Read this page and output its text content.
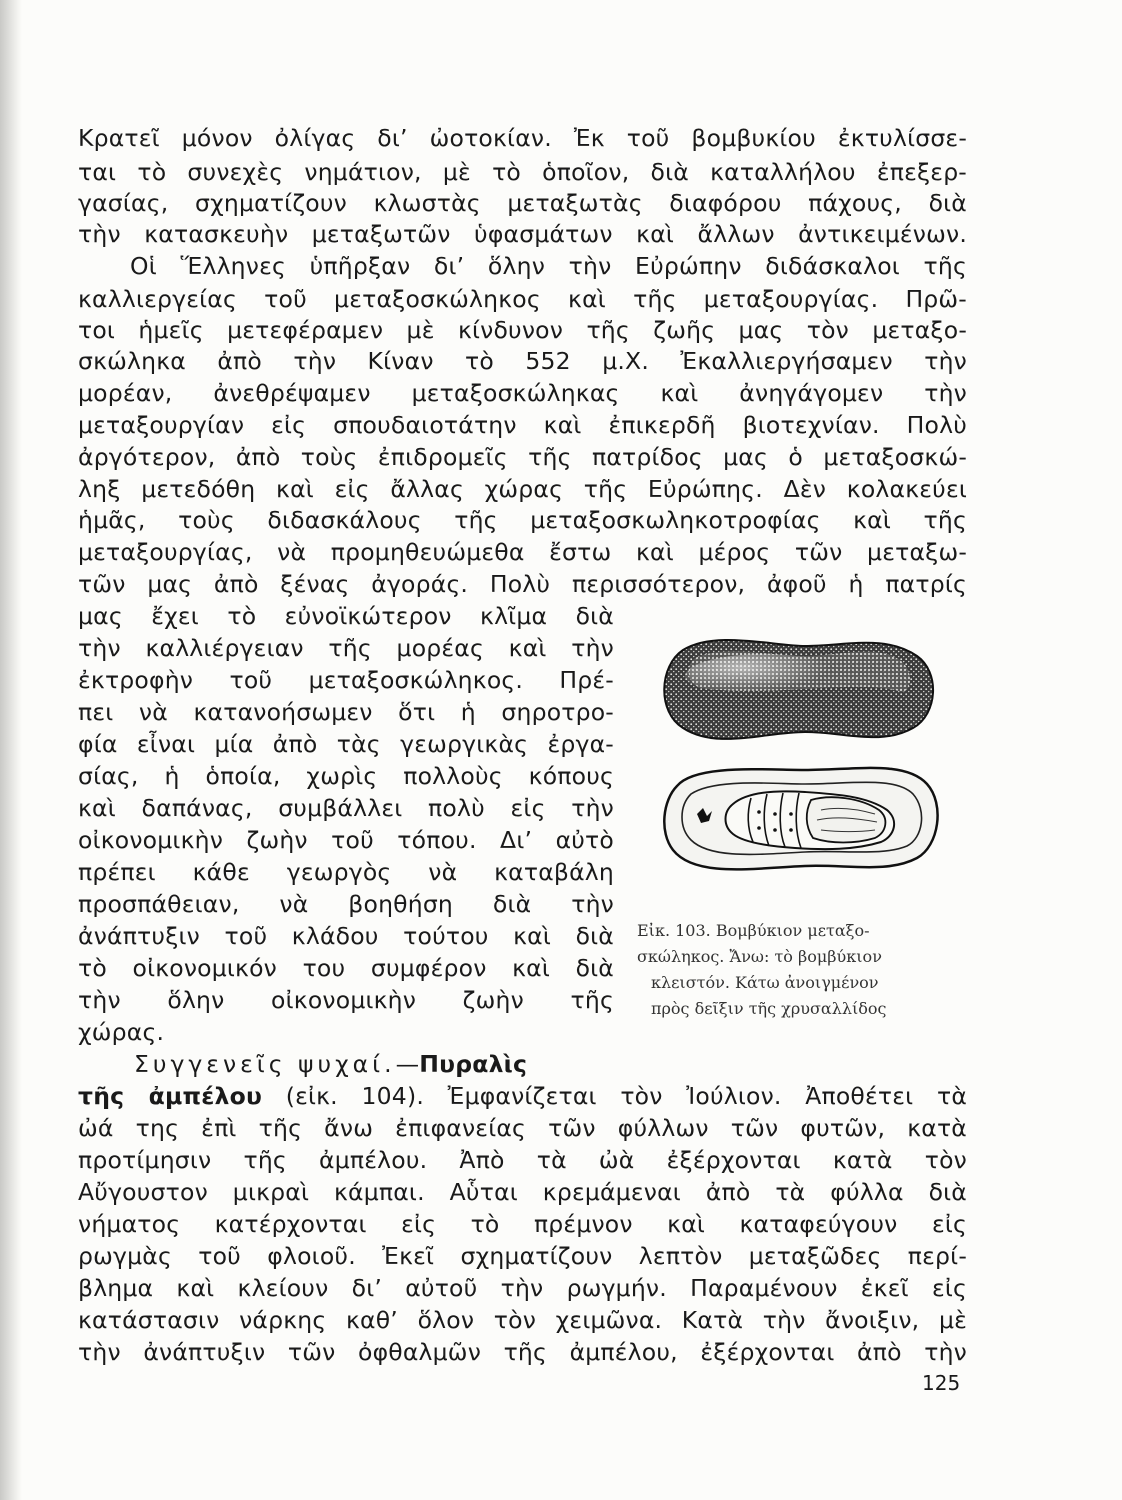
Κρατεῖ μόνον ὀλίγας δι’ ὠοτοκίαν. Ἐκ τοῦ βομβυκίου ἐκτυλίσσε-
ται τὸ συνεχὲς νημάτιον, μὲ τὸ ὁποῖον, διὰ καταλλήλου ἐπεξερ-
γασίας, σχηματίζουν κλωστὰς μεταξωτὰς διαφόρου πάχους, διὰ
τὴν κατασκευὴν μεταξωτῶν ὑφασμάτων καὶ ἄλλων ἀντικειμένων.
Οἱ Ἕλληνες ὑπῆρξαν δι’ ὅλην τὴν Εὐρώπην διδάσκαλοι τῆς
καλλιεργείας τοῦ μεταξοσκώληκος καὶ τῆς μεταξουργίας. Πρῶ-
τοι ἡμεῖς μετεφέραμεν μὲ κίνδυνον τῆς ζωῆς μας τὸν μεταξο-
σκώληκα ἀπὸ τὴν Κίναν τὸ 552 μ.Χ. Ἐκαλλιεργήσαμεν τὴν
μορέαν, ἀνεθρέψαμεν μεταξοσκώληκας καὶ ἀνηγάγομεν τὴν
μεταξουργίαν εἰς σπουδαιοτάτην καὶ ἐπικερδῆ βιοτεχνίαν. Πολὺ
ἀργότερον, ἀπὸ τοὺς ἐπιδρομεῖς τῆς πατρίδος μας ὁ μεταξοσκώ-
ληξ μετεδόθη καὶ εἰς ἄλλας χώρας τῆς Εὐρώπης. Δὲν κολακεύει
ἡμᾶς, τοὺς διδασκάλους τῆς μεταξοσκωληκοτροφίας καὶ τῆς
μεταξουργίας, νὰ προμηθευώμεθα ἔστω καὶ μέρος τῶν μεταξω-
τῶν μας ἀπὸ ξένας ἀγοράς. Πολὺ περισσότερον, ἀφοῦ ἡ πατρίς
μας ἔχει τὸ εὐνοϊκώτερον κλῖμα διὰ
τὴν καλλιέργειαν τῆς μορέας καὶ τὴν
ἐκτροφὴν τοῦ μεταξοσκώληκος. Πρέ-
πει νὰ κατανοήσωμεν ὅτι ἡ σηροτρο-
φία εἶναι μία ἀπὸ τὰς γεωργικὰς ἐργα-
σίας, ἡ ὁποία, χωρὶς πολλοὺς κόπους
καὶ δαπάνας, συμβάλλει πολὺ εἰς τὴν
οἰκονομικὴν ζωὴν τοῦ τόπου. Δι’ αὐτὸ
πρέπει κάθε γεωργὸς νὰ καταβάλη
προσπάθειαν, νὰ βοηθήση διὰ τὴν
ἀνάπτυξιν τοῦ κλάδου τούτου καὶ διὰ
τὸ οἰκονομικόν του συμφέρον καὶ διὰ
τὴν ὅλην οἰκονομικὴν ζωὴν τῆς
χώρας.
Συγγενεῖς ψυχαί.—Πυραλὶς
τῆς ἀμπέλου (εἰκ. 104). Ἐμφανίζεται τὸν Ἰούλιον. Ἀποθέτει τὰ
ὠά της ἐπὶ τῆς ἄνω ἐπιφανείας τῶν φύλλων τῶν φυτῶν, κατὰ
προτίμησιν τῆς ἀμπέλου. Ἀπὸ τὰ ὠὰ ἐξέρχονται κατὰ τὸν
Αὔγουστον μικραὶ κάμπαι. Αὗται κρεμάμεναι ἀπὸ τὰ φύλλα διὰ
νήματος κατέρχονται εἰς τὸ πρέμνον καὶ καταφεύγουν εἰς
ρωγμὰς τοῦ φλοιοῦ. Ἐκεῖ σχηματίζουν λεπτὸν μεταξῶδες περί-
βλημα καὶ κλείουν δι’ αὐτοῦ τὴν ρωγμήν. Παραμένουν ἐκεῖ εἰς
κατάστασιν νάρκης καθ’ ὅλον τὸν χειμῶνα. Κατὰ τὴν ἄνοιξιν, μὲ
τὴν ἀνάπτυξιν τῶν ὀφθαλμῶν τῆς ἀμπέλου, ἐξέρχονται ἀπὸ τὴν
Εἰκ. 103. Βομβύκιον μεταξο-
σκώληκος. Ἄνω: τὸ βομβύκιον
κλειστόν. Κάτω ἀνοιγμένον
πρὸς δεῖξιν τῆς χρυσαλλίδος
125
